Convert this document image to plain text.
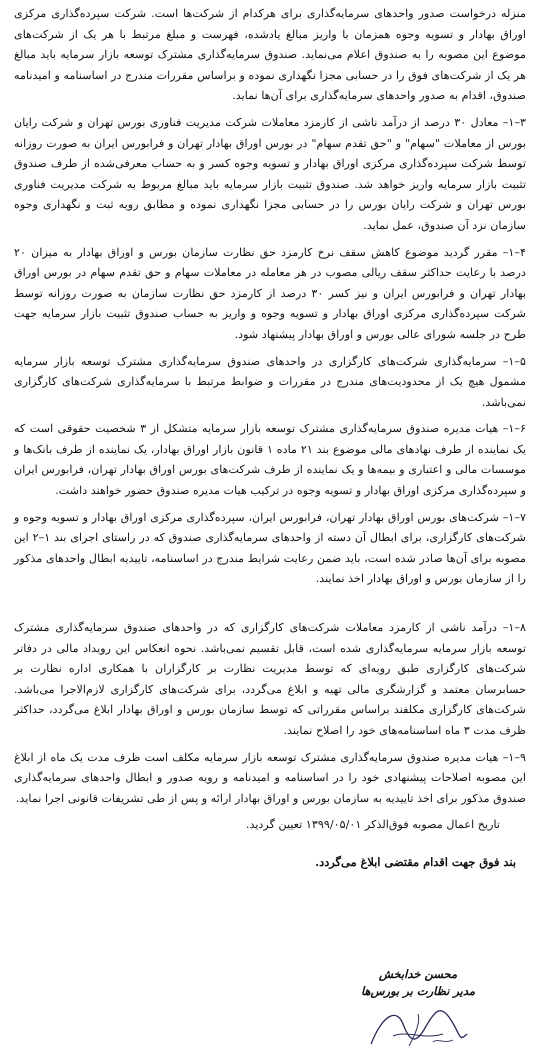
منزله درخواست صدور واحدهای سرمایه‌گذاری برای هرکدام از شرکت‌ها است. شرکت سپرده‌گذاری مرکزی اوراق بهادار و تسویه وجوه همزمان با واریز مبالغ یادشده، فهرست و مبلغ مرتبط با هر یک از شرکت‌های موضوع این مصوبه را به صندوق اعلام می‌نماید. صندوق سرمایه‌گذاری مشترک توسعه بازار سرمایه باید مبالغ هر یک از شرکت‌های فوق را در حسابی مجزا نگهداری نموده و براساس مقررات مندرج در اساسنامه و امیدنامه صندوق، اقدام به صدور واحدهای سرمایه‌گذاری برای آن‌ها نماید.

۳–۱– معادل ۳۰ درصد از درآمد ناشی از کارمزد معاملات شرکت مدیریت فناوری بورس تهران و شرکت رایان بورس از معاملات "سهام" و "حق تقدم سهام" در بورس اوراق بهادار تهران و فرابورس ایران به صورت روزانه توسط شرکت سپرده‌گذاری مرکزی اوراق بهادار و تسویه وجوه کسر و به حساب معرفی‌شده از طرف صندوق تثبیت بازار سرمایه واریز خواهد شد. صندوق تثبیت بازار سرمایه باید مبالغ مربوط به شرکت مدیریت فناوری بورس تهران و شرکت رایان بورس را در حسابی مجزا نگهداری نموده و مطابق رویه ثبت و نگهداری وجوه سازمان نزد آن صندوق، عمل نماید.

۴–۱– مقرر گردید موضوع کاهش سقف نرخ کارمزد حق نظارت سازمان بورس و اوراق بهادار به میزان ۲۰ درصد با رعایت حداکثر سقف ریالی مصوب در هر معامله در معاملات سهام و حق تقدم سهام در بورس اوراق بهادار تهران و فرابورس ایران و نیز کسر ۳۰ درصد از کارمزد حق نظارت سازمان به صورت روزانه توسط شرکت سپرده‌گذاری مرکزی اوراق بهادار و تسویه وجوه و واریز به حساب صندوق تثبیت بازار سرمایه جهت طرح در جلسه شورای عالی بورس و اوراق بهادار پیشنهاد شود.

۵–۱– سرمایه‌گذاری شرکت‌های کارگزاری در واحدهای صندوق سرمایه‌گذاری مشترک توسعه بازار سرمایه مشمول هیچ یک از محدودیت‌های مندرج در مقررات و ضوابط مرتبط با سرمایه‌گذاری شرکت‌های کارگزاری نمی‌باشد.

۶–۱– هیات مدیره صندوق سرمایه‌گذاری مشترک توسعه بازار سرمایه متشکل از ۳ شخصیت حقوقی است که یک نماینده از طرف نهادهای مالی موضوع بند ۲۱ ماده ۱ قانون بازار اوراق بهادار، یک نماینده از طرف بانک‌ها و موسسات مالی و اعتباری و بیمه‌ها و یک نماینده از طرف شرکت‌های بورس اوراق بهادار تهران، فرابورس ایران و سپرده‌گذاری مرکزی اوراق بهادار و تسویه وجوه در ترکیب هیات مدیره صندوق حضور خواهند داشت.

۷–۱– شرکت‌های بورس اوراق بهادار تهران، فرابورس ایران، سپرده‌گذاری مرکزی اوراق بهادار و تسویه وجوه و شرکت‌های کارگزاری، برای ابطال آن دسته از واحدهای سرمایه‌گذاری صندوق که در راستای اجرای بند ۱–۲ این مصوبه برای آن‌ها صادر شده است، باید ضمن رعایت شرایط مندرج در اساسنامه، تاییدیه ابطال واحدهای مذکور را از سازمان بورس و اوراق بهادار اخذ نمایند.

۸–۱– درآمد ناشی از کارمزد معاملات شرکت‌های کارگزاری که در واحدهای صندوق سرمایه‌گذاری مشترک توسعه بازار سرمایه سرمایه‌گذاری شده است، قابل تقسیم نمی‌باشد. نحوه انعکاس این رویداد مالی در دفاتر شرکت‌های کارگزاری طبق رویه‌ای که توسط مدیریت نظارت بر کارگزاران با همکاری اداره نظارت بر حسابرسان معتمد و گزارشگری مالی تهیه و ابلاغ می‌گردد، برای شرکت‌های کارگزاری لازم‌الاجرا می‌باشد. شرکت‌های کارگزاری مکلفند براساس مقرراتی که توسط سازمان بورس و اوراق بهادار ابلاغ می‌گردد، حداکثر ظرف مدت ۳ ماه اساسنامه‌های خود را اصلاح نمایند.

۹–۱– هیات مدیره صندوق سرمایه‌گذاری مشترک توسعه بازار سرمایه مکلف است ظرف مدت یک ماه از ابلاغ این مصوبه اصلاحات پیشنهادی خود را در اساسنامه و امیدنامه و رویه صدور و ابطال واحدهای سرمایه‌گذاری صندوق مذکور برای اخذ تاییدیه به سازمان بورس و اوراق بهادار ارائه و پس از طی تشریفات قانونی اجرا نماید.

تاریخ اعمال مصوبه فوق‌الذکر ۱۳۹۹/۰۵/۰۱ تعیین گردید.

بند فوق جهت اقدام مقتضی ابلاغ می‌گردد.

محسن خدابخش
مدیر نظارت بر بورس‌ها
